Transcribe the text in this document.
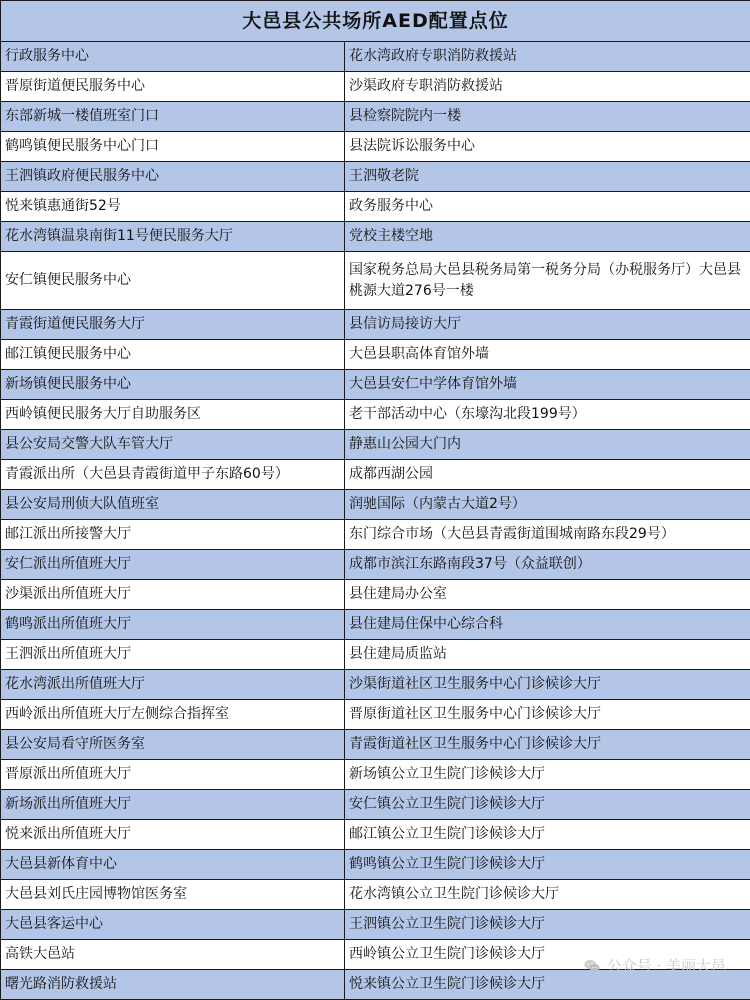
大邑县公共场所AED配置点位	
行政服务中心	花水湾政府专职消防救援站
晋原街道便民服务中心	沙渠政府专职消防救援站
东部新城一楼值班室门口	县检察院院内一楼
鹤鸣镇便民服务中心门口	县法院诉讼服务中心
王泗镇政府便民服务中心	王泗敬老院
悦来镇惠通街52号	政务服务中心
花水湾镇温泉南街11号便民服务大厅	党校主楼空地
安仁镇便民服务中心	国家税务总局大邑县税务局第一税务分局（办税服务厅）大邑县桃源大道276号一楼
青霞街道便民服务大厅	县信访局接访大厅
邮江镇便民服务中心	大邑县职高体育馆外墙
新场镇便民服务中心	大邑县安仁中学体育馆外墙
西岭镇便民服务大厅自助服务区	老干部活动中心（东壕沟北段199号）
县公安局交警大队车管大厅	静惠山公园大门内
青霞派出所（大邑县青霞街道甲子东路60号）	成都西湖公园
县公安局刑侦大队值班室	润驰国际（内蒙古大道2号）
邮江派出所接警大厅	东门综合市场（大邑县青霞街道围城南路东段29号）
安仁派出所值班大厅	成都市滨江东路南段37号（众益联创）
沙渠派出所值班大厅	县住建局办公室
鹤鸣派出所值班大厅	县住建局住保中心综合科
王泗派出所值班大厅	县住建局质监站
花水湾派出所值班大厅	沙渠街道社区卫生服务中心门诊候诊大厅
西岭派出所值班大厅左侧综合指挥室	晋原街道社区卫生服务中心门诊候诊大厅
县公安局看守所医务室	青霞街道社区卫生服务中心门诊候诊大厅
晋原派出所值班大厅	新场镇公立卫生院门诊候诊大厅
新场派出所值班大厅	安仁镇公立卫生院门诊候诊大厅
悦来派出所值班大厅	邮江镇公立卫生院门诊候诊大厅
大邑县新体育中心	鹤鸣镇公立卫生院门诊候诊大厅
大邑县刘氏庄园博物馆医务室	花水湾镇公立卫生院门诊候诊大厅
大邑县客运中心	王泗镇公立卫生院门诊候诊大厅
高铁大邑站	西岭镇公立卫生院门诊候诊大厅
曙光路消防救援站	悦来镇公立卫生院门诊候诊大厅
公众号 · 美丽大邑
